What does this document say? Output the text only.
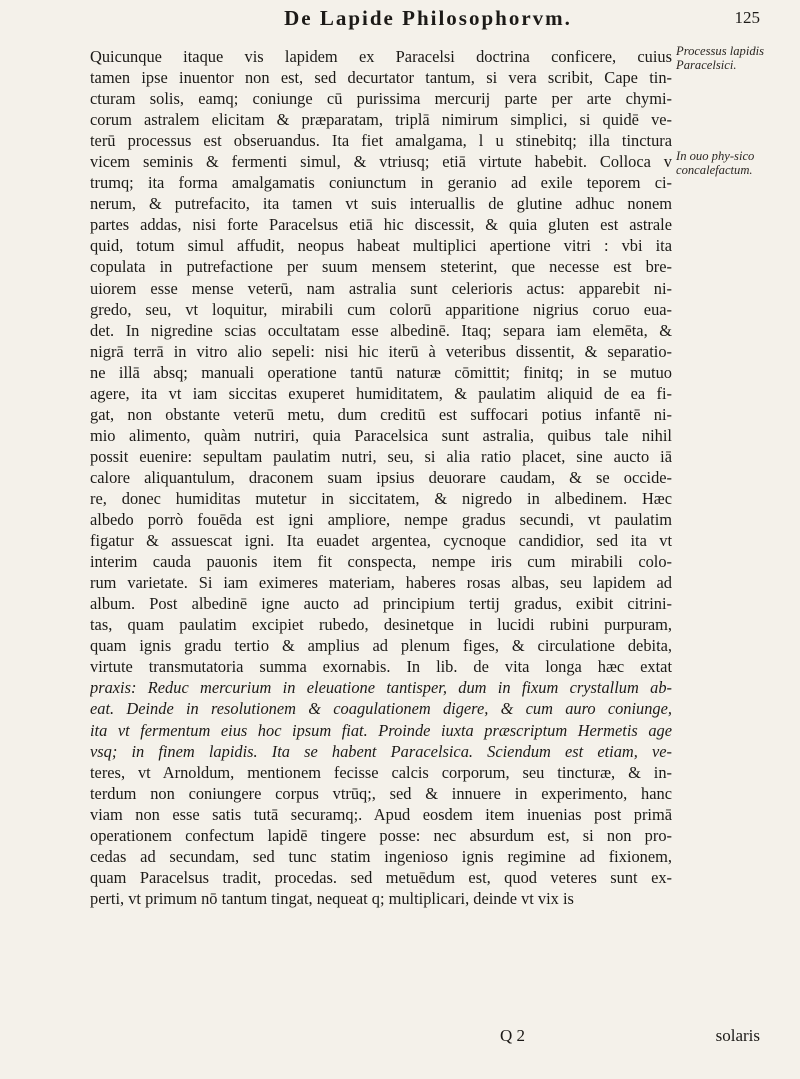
De Lapide Philosophorvm.	125
Quicunque itaque vis lapidem ex Paracelsi doctrina conficere, cuius
tamen ipse inuentor non est, sed decurtator tantum, si vera scribit, Cape tin-
cturam solis, eamq; coniunge cū purissima mercurij parte per arte chymi-
corum astralem elicitam & præparatam, triplā nimirum simplici, si quidē ve-
terū processus est obseruandus. Ita fiet amalgama, l u stinebitq; illa tinctura
vicem seminis & fermenti simul, & vtriusq; etiā virtute habebit. Colloca v
trumq; ita forma amalgamatis coniunctum in geranio ad exile teporem ci-
nerum, & putrefacito, ita tamen vt suis interuallis de glutine adhuc nonem
partes addas, nisi forte Paracelsus etiā hic discessit, & quia gluten est astrale
quid, totum simul affudit, neopus habeat multiplici apertione vitri : vbi ita
copulata in putrefactione per suum mensem steterint, que necesse est bre-
uiorem esse mense veterū, nam astralia sunt celerioris actus: apparebit ni-
gredo, seu, vt loquitur, mirabili cum colorū apparitione nigrius coruo eua-
det. In nigredine scias occultatam esse albedinē. Itaq; separa iam elemēta, &
nigrā terrā in vitro alio sepeli: nisi hic iterū à veteribus dissentit, & separatio-
ne illā absq; manuali operatione tantū naturæ cōmittit; finitq; in se mutuo
agere, ita vt iam siccitas exuperet humiditatem, & paulatim aliquid de ea fi-
gat, non obstante veterū metu, dum creditū est suffocari potius infantē ni-
mio alimento, quàm nutriri, quia Paracelsica sunt astralia, quibus tale nihil
possit euenire: sepultam paulatim nutri, seu, si alia ratio placet, sine aucto iā
calore aliquantulum, draconem suam ipsius deuorare caudam, & se occide-
re, donec humiditas mutetur in siccitatem, & nigredo in albedinem. Hæc
albedo porrò fouēda est igni ampliore, nempe gradus secundi, vt paulatim
figatur & assuescat igni. Ita euadet argentea, cycnoque candidior, sed ita vt
interim cauda pauonis item fit conspecta, nempe iris cum mirabili colo-
rum varietate. Si iam eximeres materiam, haberes rosas albas, seu lapidem ad
album. Post albedinē igne aucto ad principium tertij gradus, exibit citrini-
tas, quam paulatim excipiet rubedo, desinetque in lucidi rubini purpuram,
quam ignis gradu tertio & amplius ad plenum figes, & circulatione debita,
virtute transmutatoria summa exornabis. In lib. de vita longa hæc extat
praxis: Reduc mercurium in eleuatione tantisper, dum in fixum crystallum ab-
eat. Deinde in resolutionem & coagulationem digere, & cum auro coniunge,
ita vt fermentum eius hoc ipsum fiat. Proinde iuxta præscriptum Hermetis age
vsq; in finem lapidis. Ita se habent Paracelsica. Sciendum est etiam, ve-
teres, vt Arnoldum, mentionem fecisse calcis corporum, seu tincturæ, & in-
terdum non coniungere corpus vtrūq;, sed & innuere in experimento, hanc
viam non esse satis tutā securamq;. Apud eosdem item inuenias post primā
operationem confectum lapidē tingere posse: nec absurdum est, si non pro-
cedas ad secundam, sed tunc statim ingenioso ignis regimine ad fixionem,
quam Paracelsus tradit, procedas. sed metuēdum est, quod veteres sunt ex-
perti, vt primum nō tantum tingat, nequeat q; multiplicari, deinde vt vix is
Processus lapidis Paracelsici.
In ouo phy-sico concalefactum.
Q 2	solaris
